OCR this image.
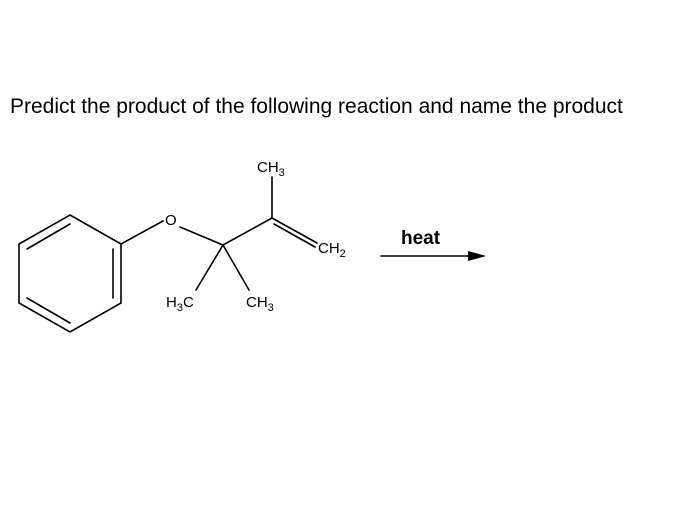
Predict the product of the following reaction and name the product
O
$CH_3$
$CH_2$
$H_3C$	$CH_3$
heat
